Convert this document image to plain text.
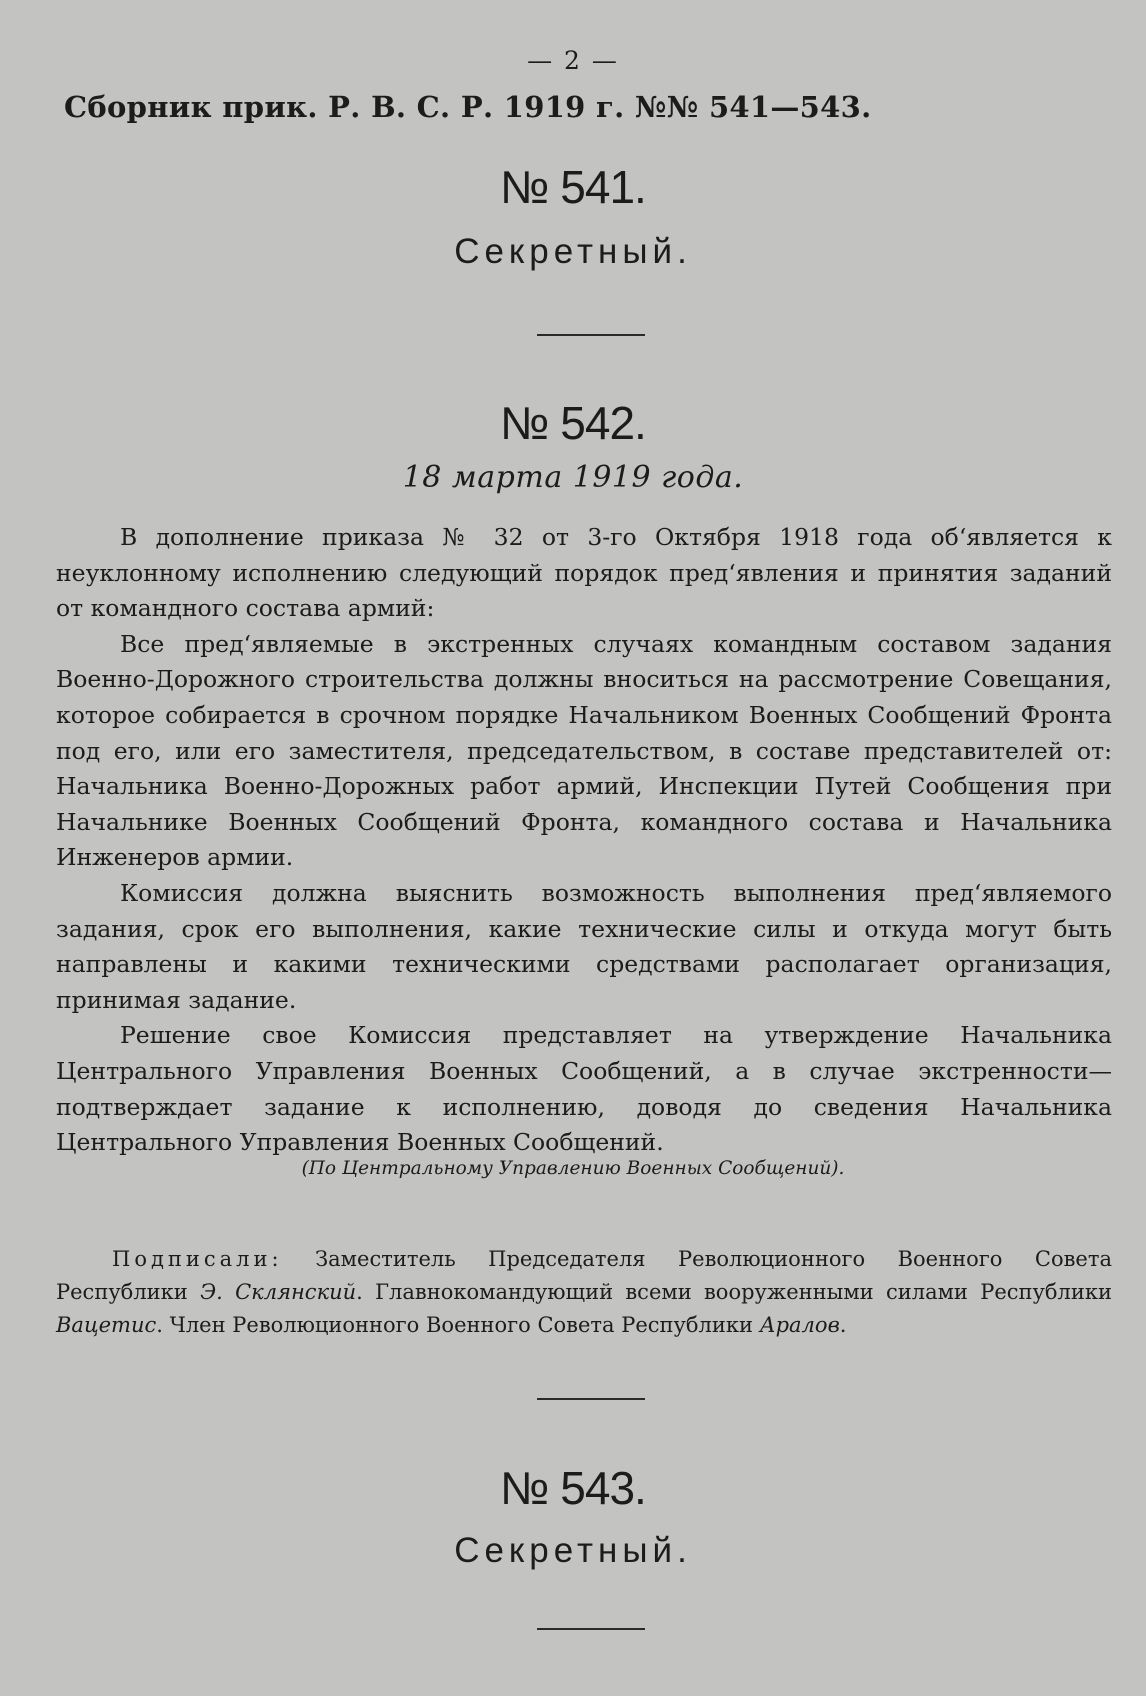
— 2 —
Сборник прик. Р. В. С. Р. 1919 г. №№ 541—543.
№ 541.
Секретный.
№ 542.
18 марта 1919 года.

В дополнение приказа № 32 от 3-го Октября 1918 года об‘является к неуклонному исполнению следующий порядок пред‘явления и принятия заданий от командного состава армий:

Все пред‘являемые в экстренных случаях командным составом задания Военно-Дорожного строительства должны вноситься на рассмотрение Совещания, которое собирается в срочном порядке Начальником Военных Сообщений Фронта под его, или его заместителя, председательством, в составе представителей от: Начальника Военно-Дорожных работ армий, Инспекции Путей Сообщения при Начальнике Военных Сообщений Фронта, командного состава и Начальника Инженеров армии.

Комиссия должна выяснить возможность выполнения пред‘являемого задания, срок его выполнения, какие технические силы и откуда могут быть направлены и какими техническими средствами располагает организация, принимая задание.

Решение свое Комиссия представляет на утверждение Начальника Центрального Управления Военных Сообщений, а в случае экстренности—подтверждает задание к исполнению, доводя до сведения Начальника Центрального Управления Военных Сообщений.

(По Центральному Управлению Военных Сообщений).

Подписали: Заместитель Председателя Революционного Военного Совета Республики Э. Склянский. Главнокомандующий всеми вооруженными силами Республики Вацетис. Член Революционного Военного Совета Республики Аралов.

№ 543.
Секретный.
